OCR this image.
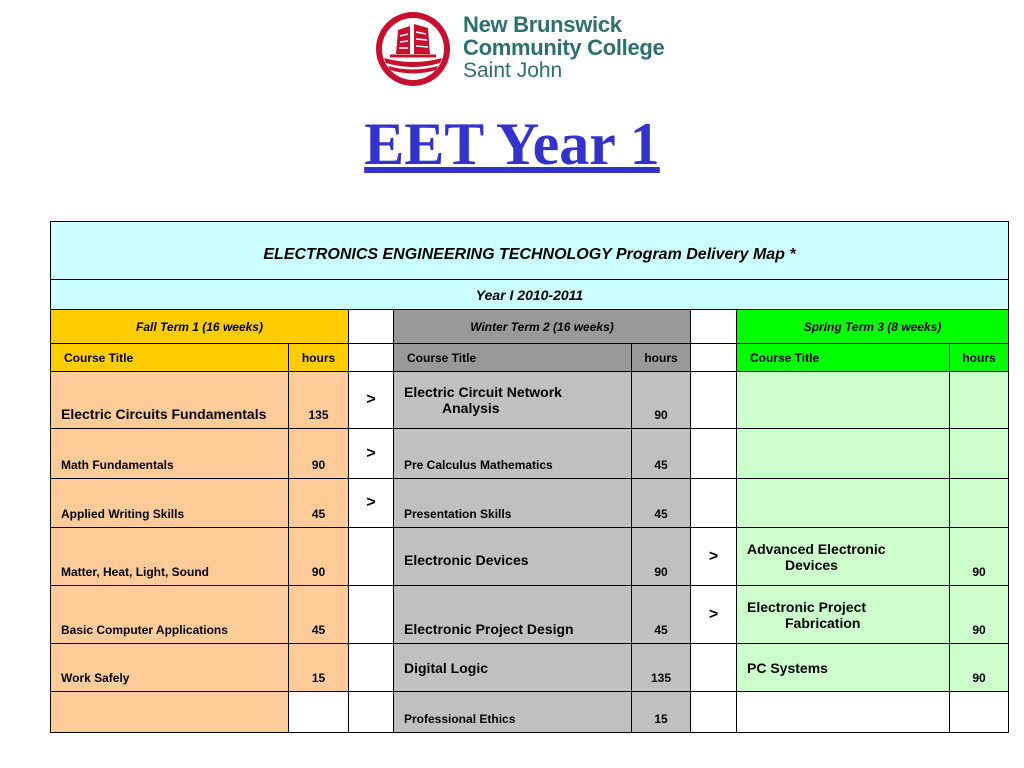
New Brunswick
Community College
Saint John
EET Year 1
ELECTRONICS ENGINEERING TECHNOLOGY Program Delivery Map *							
Year I 2010-2011							
Fall Term 1 (16 weeks)			Winter Term 2 (16 weeks)			Spring Term 3 (8 weeks)	
Course Title	hours		Course Title	hours		Course Title	hours
Electric Circuits Fundamentals	135	>	Electric Circuit Network
Analysis	90			
Math Fundamentals	90	>	Pre Calculus Mathematics	45			
Applied Writing Skills	45	>	Presentation Skills	45			
Matter, Heat, Light, Sound	90		Electronic Devices	90	>	Advanced Electronic
Devices	90
Basic Computer Applications	45		Electronic Project Design	45	>	Electronic Project
Fabrication	90
Work Safely	15		Digital Logic	135		PC Systems	90
			Professional Ethics	15			
